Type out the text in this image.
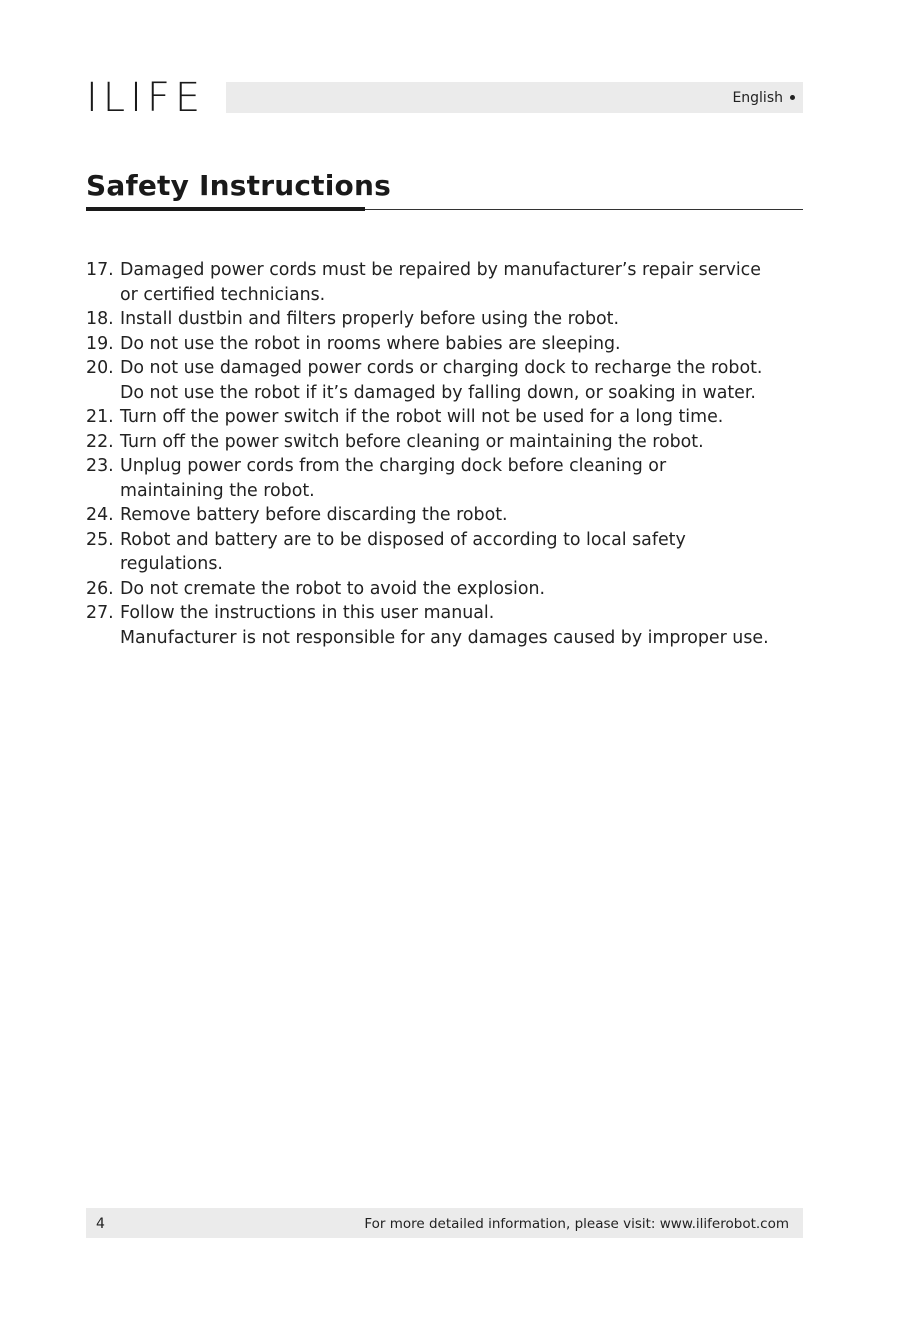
ILIFE	English
Safety Instructions
17. Damaged power cords must be repaired by manufacturer’s repair service
or certified technicians.
18. Install dustbin and filters properly before using the robot.
19. Do not use the robot in rooms where babies are sleeping.
20. Do not use damaged power cords or charging dock to recharge the robot.
Do not use the robot if it’s damaged by falling down, or soaking in water.
21. Turn off the power switch if the robot will not be used for a long time.
22. Turn off the power switch before cleaning or maintaining the robot.
23. Unplug power cords from the charging dock before cleaning or
maintaining the robot.
24. Remove battery before discarding the robot.
25. Robot and battery are to be disposed of according to local safety
regulations.
26. Do not cremate the robot to avoid the explosion.
27. Follow the instructions in this user manual.
Manufacturer is not responsible for any damages caused by improper use.
4	For more detailed information, please visit: www.iliferobot.com
